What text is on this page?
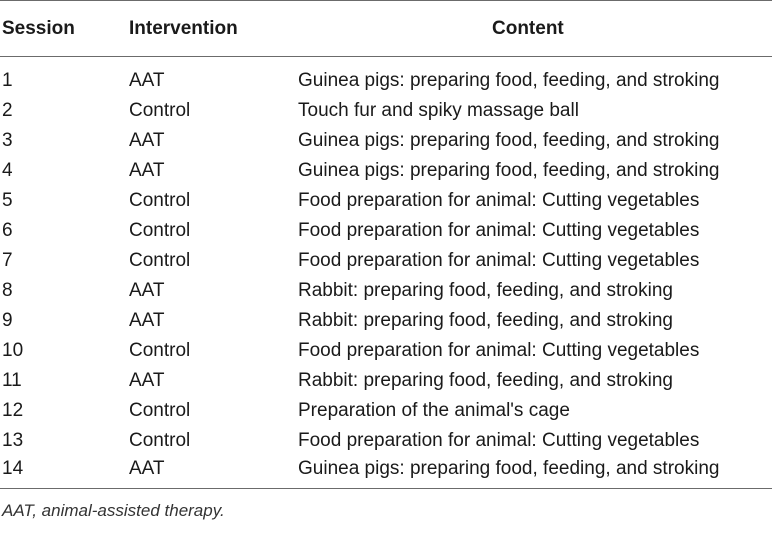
Session	Intervention	Content
1	AAT	Guinea pigs: preparing food, feeding, and stroking
2	Control	Touch fur and spiky massage ball
3	AAT	Guinea pigs: preparing food, feeding, and stroking
4	AAT	Guinea pigs: preparing food, feeding, and stroking
5	Control	Food preparation for animal: Cutting vegetables
6	Control	Food preparation for animal: Cutting vegetables
7	Control	Food preparation for animal: Cutting vegetables
8	AAT	Rabbit: preparing food, feeding, and stroking
9	AAT	Rabbit: preparing food, feeding, and stroking
10	Control	Food preparation for animal: Cutting vegetables
11	AAT	Rabbit: preparing food, feeding, and stroking
12	Control	Preparation of the animal's cage
13	Control	Food preparation for animal: Cutting vegetables
14	AAT	Guinea pigs: preparing food, feeding, and stroking
AAT, animal-assisted therapy.		
